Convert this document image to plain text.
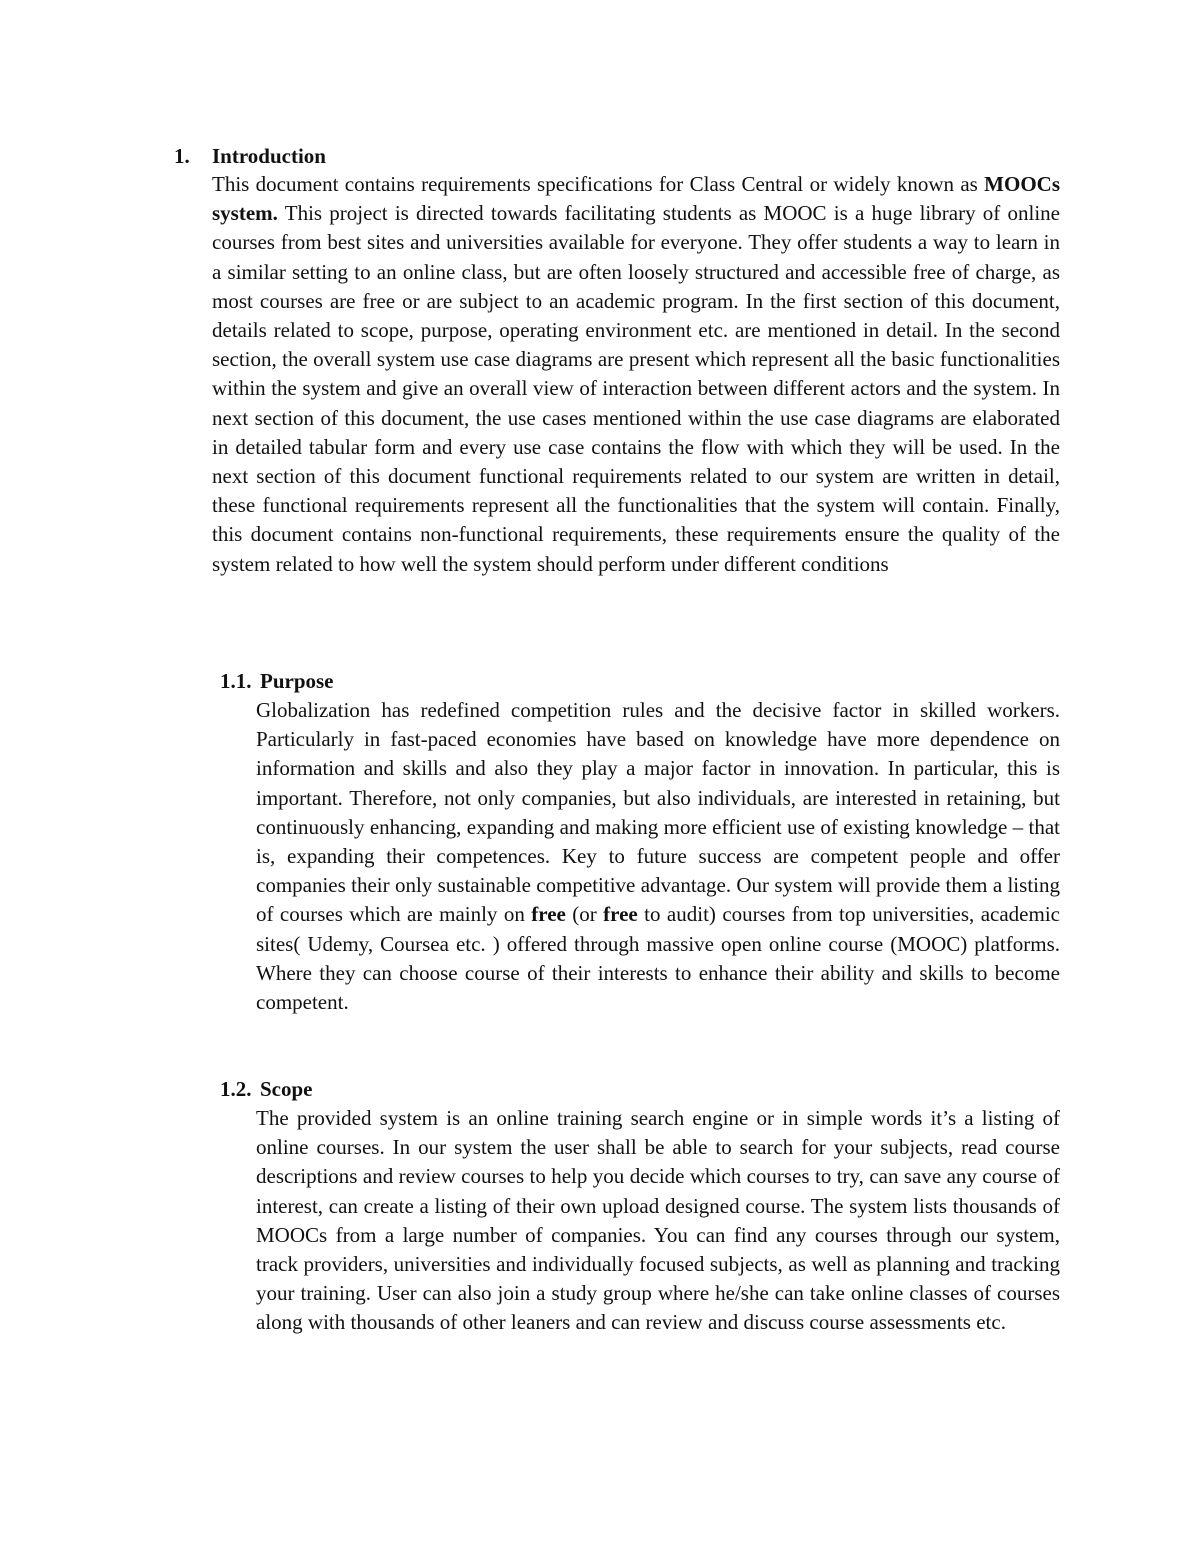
1. Introduction
This document contains requirements specifications for Class Central or widely known as MOOCs system. This project is directed towards facilitating students as MOOC is a huge library of online courses from best sites and universities available for everyone. They offer students a way to learn in a similar setting to an online class, but are often loosely structured and accessible free of charge, as most courses are free or are subject to an academic program. In the first section of this document, details related to scope, purpose, operating environment etc. are mentioned in detail. In the second section, the overall system use case diagrams are present which represent all the basic functionalities within the system and give an overall view of interaction between different actors and the system. In next section of this document, the use cases mentioned within the use case diagrams are elaborated in detailed tabular form and every use case contains the flow with which they will be used. In the next section of this document functional requirements related to our system are written in detail, these functional requirements represent all the functionalities that the system will contain. Finally, this document contains non-functional requirements, these requirements ensure the quality of the system related to how well the system should perform under different conditions
1.1. Purpose
Globalization has redefined competition rules and the decisive factor in skilled workers. Particularly in fast-paced economies have based on knowledge have more dependence on information and skills and also they play a major factor in innovation. In particular, this is important. Therefore, not only companies, but also individuals, are interested in retaining, but continuously enhancing, expanding and making more efficient use of existing knowledge – that is, expanding their competences. Key to future success are competent people and offer companies their only sustainable competitive advantage. Our system will provide them a listing of courses which are mainly on free (or free to audit) courses from top universities, academic sites( Udemy, Coursea etc. ) offered through massive open online course (MOOC) platforms. Where they can choose course of their interests to enhance their ability and skills to become competent.
1.2. Scope
The provided system is an online training search engine or in simple words it’s a listing of online courses. In our system the user shall be able to search for your subjects, read course descriptions and review courses to help you decide which courses to try, can save any course of interest, can create a listing of their own upload designed course. The system lists thousands of MOOCs from a large number of companies. You can find any courses through our system, track providers, universities and individually focused subjects, as well as planning and tracking your training. User can also join a study group where he/she can take online classes of courses along with thousands of other leaners and can review and discuss course assessments etc.
